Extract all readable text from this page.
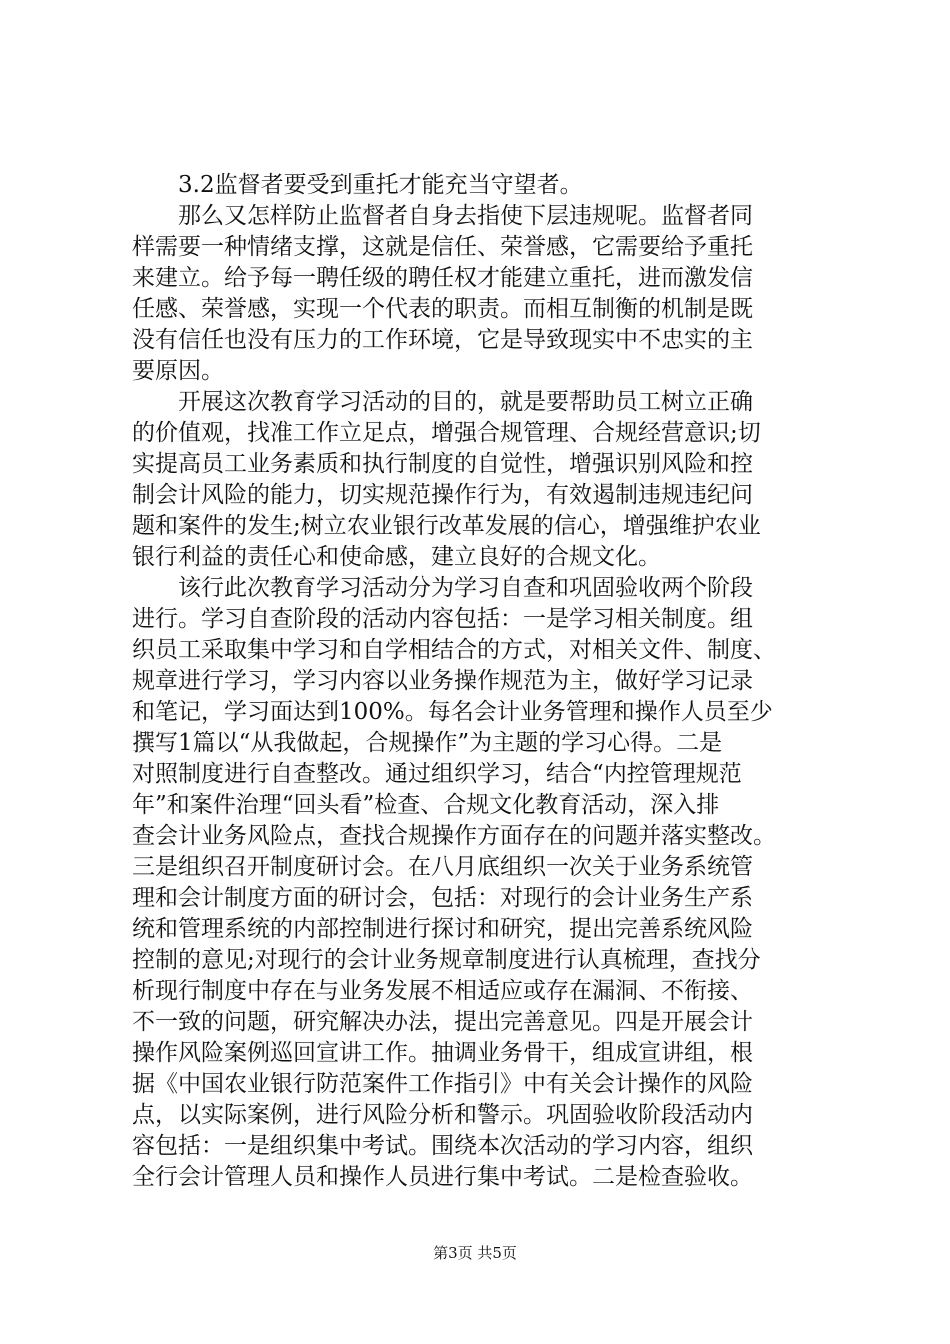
　　3.2监督者要受到重托才能充当守望者。
　　那么又怎样防止监督者自身去指使下层违规呢。监督者同
样需要一种情绪支撑，这就是信任、荣誉感，它需要给予重托
来建立。给予每一聘任级的聘任权才能建立重托，进而激发信
任感、荣誉感，实现一个代表的职责。而相互制衡的机制是既
没有信任也没有压力的工作环境，它是导致现实中不忠实的主
要原因。
　　开展这次教育学习活动的目的，就是要帮助员工树立正确
的价值观，找准工作立足点，增强合规管理、合规经营意识;切
实提高员工业务素质和执行制度的自觉性，增强识别风险和控
制会计风险的能力，切实规范操作行为，有效遏制违规违纪问
题和案件的发生;树立农业银行改革发展的信心，增强维护农业
银行利益的责任心和使命感，建立良好的合规文化。
　　该行此次教育学习活动分为学习自查和巩固验收两个阶段
进行。学习自查阶段的活动内容包括：一是学习相关制度。组
织员工采取集中学习和自学相结合的方式，对相关文件、制度、
规章进行学习，学习内容以业务操作规范为主，做好学习记录
和笔记，学习面达到100%。每名会计业务管理和操作人员至少
撰写1篇以“从我做起，合规操作”为主题的学习心得。二是
对照制度进行自查整改。通过组织学习，结合“内控管理规范
年”和案件治理“回头看”检查、合规文化教育活动，深入排
查会计业务风险点，查找合规操作方面存在的问题并落实整改。
三是组织召开制度研讨会。在八月底组织一次关于业务系统管
理和会计制度方面的研讨会，包括：对现行的会计业务生产系
统和管理系统的内部控制进行探讨和研究，提出完善系统风险
控制的意见;对现行的会计业务规章制度进行认真梳理，查找分
析现行制度中存在与业务发展不相适应或存在漏洞、不衔接、
不一致的问题，研究解决办法，提出完善意见。四是开展会计
操作风险案例巡回宣讲工作。抽调业务骨干，组成宣讲组，根
据《中国农业银行防范案件工作指引》中有关会计操作的风险
点，以实际案例，进行风险分析和警示。巩固验收阶段活动内
容包括：一是组织集中考试。围绕本次活动的学习内容，组织
全行会计管理人员和操作人员进行集中考试。二是检查验收。
第3页 共5页
